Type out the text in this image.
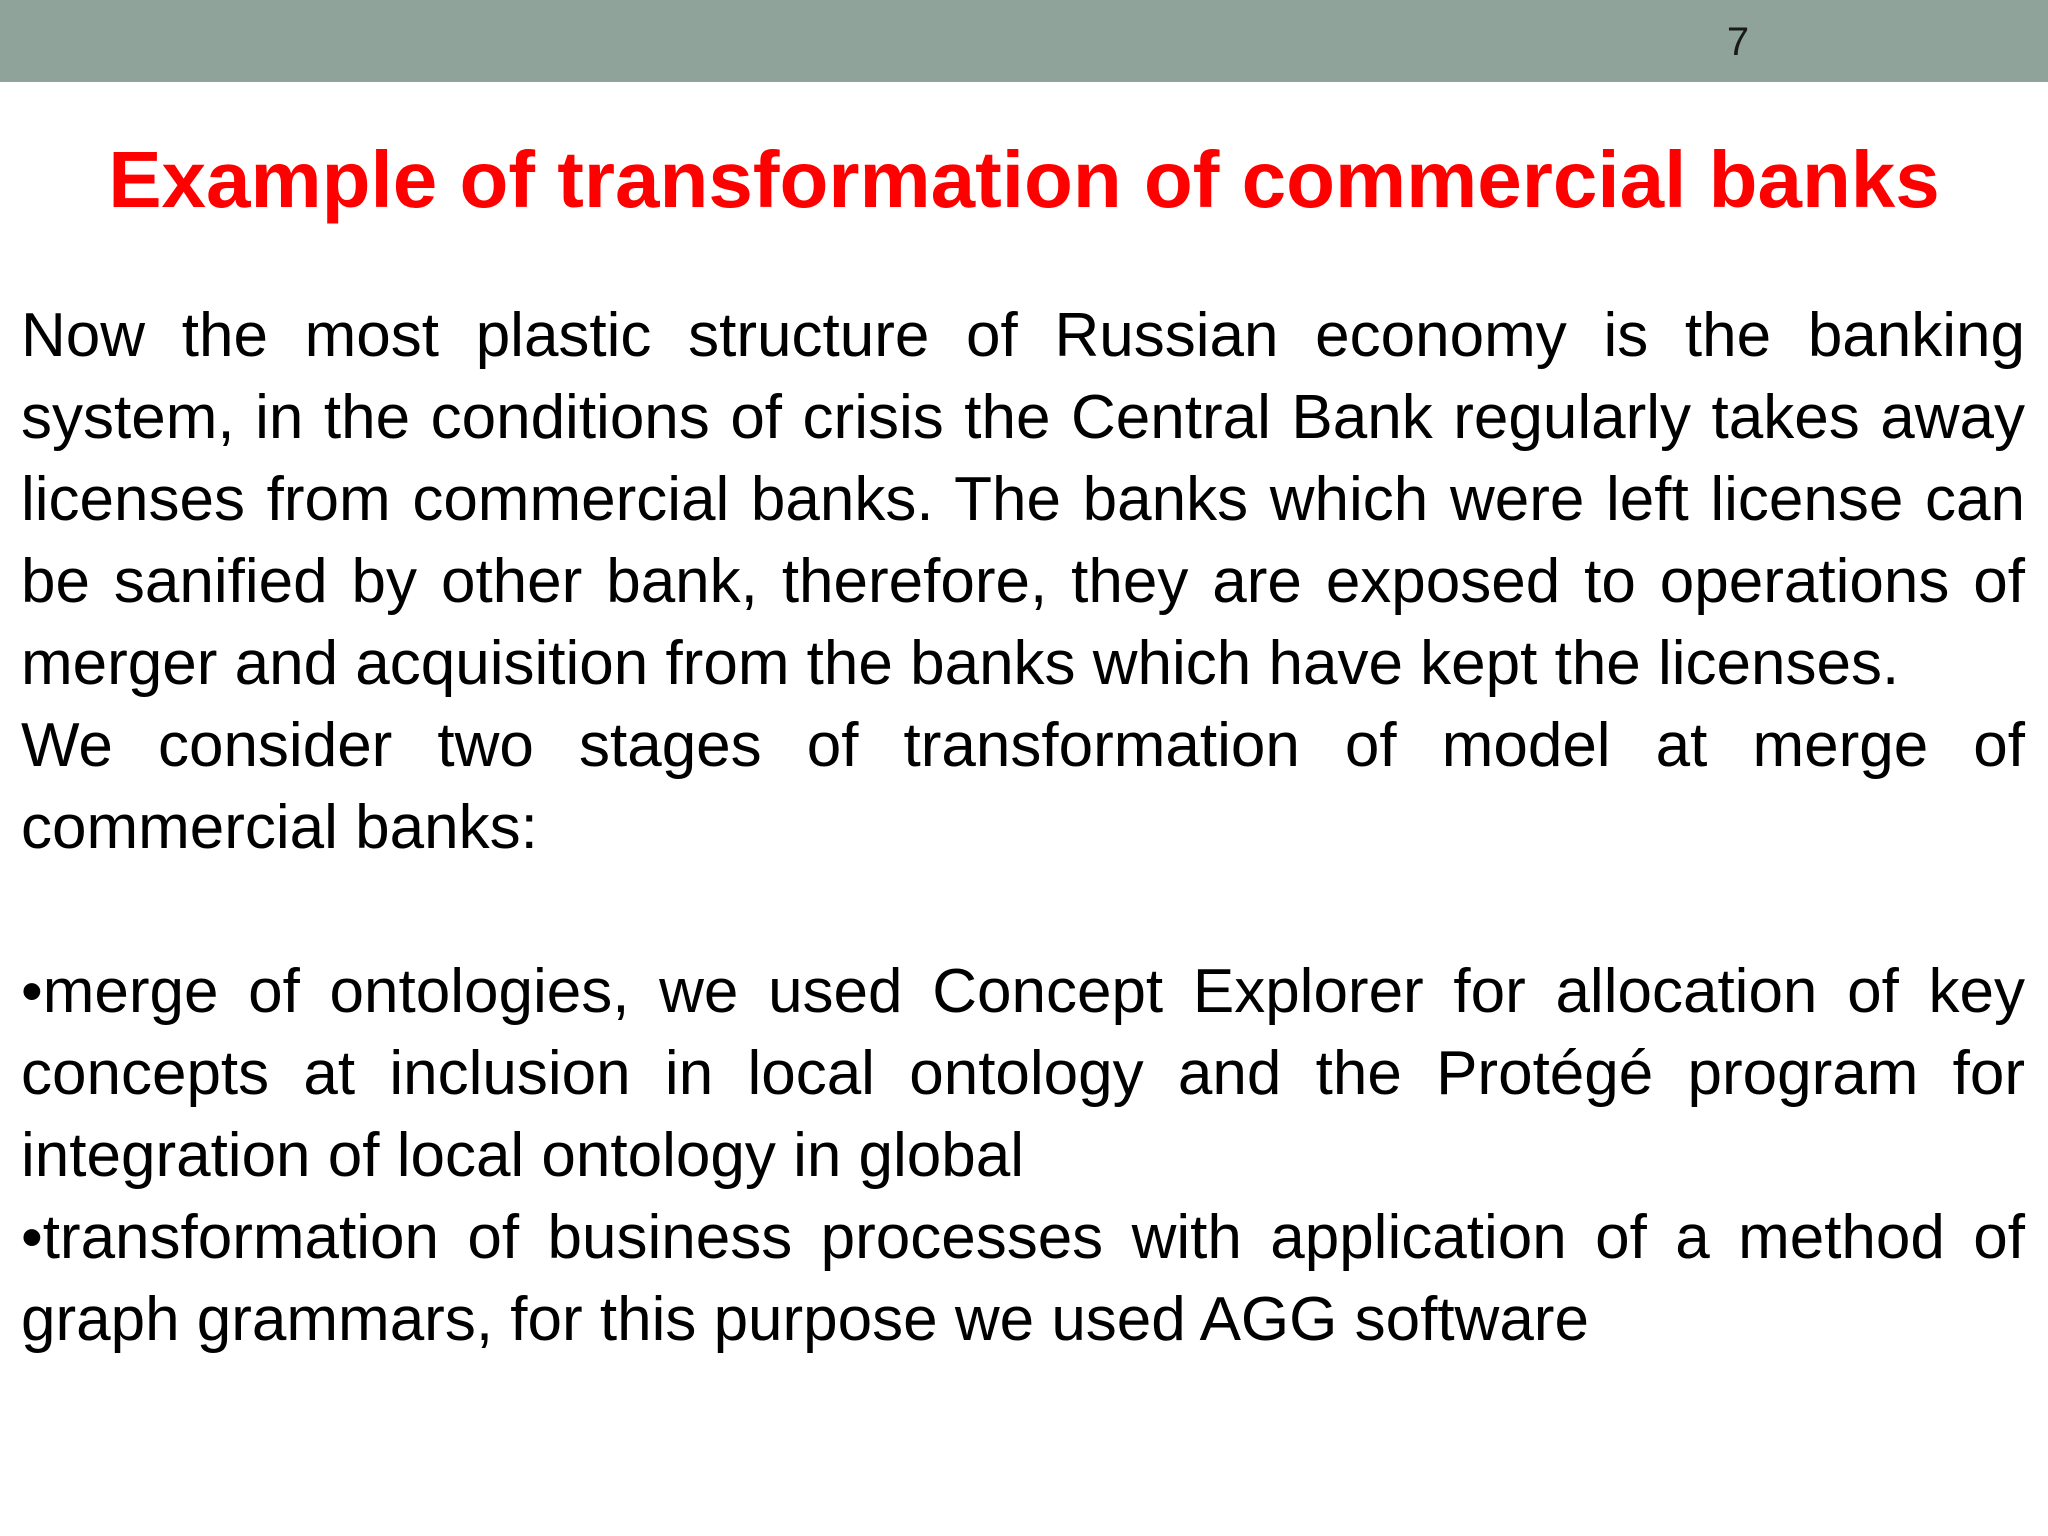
7
Example of transformation of commercial banks

Now the most plastic structure of Russian economy is the banking system, in the conditions of crisis the Central Bank regularly takes away licenses from commercial banks. The banks which were left license can be sanified by other bank, therefore, they are exposed to operations of merger and acquisition from the banks which have kept the licenses.

We consider two stages of transformation of model at merge of commercial banks:

•merge of ontologies, we used Concept Explorer for allocation of key concepts at inclusion in local ontology and the Protégé program for integration of local ontology in global

•transformation of business processes with application of a method of graph grammars, for this purpose we used AGG software
